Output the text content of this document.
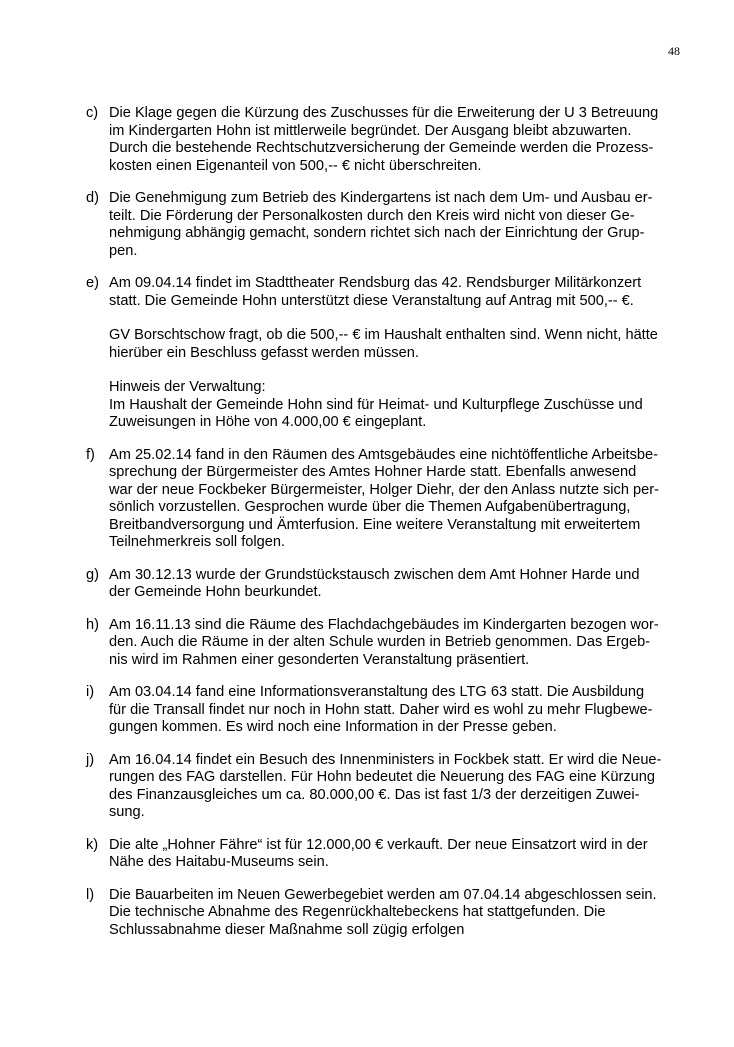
48
c) Die Klage gegen die Kürzung des Zuschusses für die Erweiterung der U 3 Betreuung
im Kindergarten Hohn ist mittlerweile begründet. Der Ausgang bleibt abzuwarten.
Durch die bestehende Rechtschutzversicherung der Gemeinde werden die Prozess-
kosten einen Eigenanteil von 500,-- € nicht überschreiten.
d) Die Genehmigung zum Betrieb des Kindergartens ist nach dem Um- und Ausbau er-
teilt. Die Förderung der Personalkosten durch den Kreis wird nicht von dieser Ge-
nehmigung abhängig gemacht, sondern richtet sich nach der Einrichtung der Grup-
pen.
e) Am 09.04.14 findet im Stadttheater Rendsburg das 42. Rendsburger Militärkonzert
statt. Die Gemeinde Hohn unterstützt diese Veranstaltung auf Antrag mit 500,-- €.
GV Borschtschow fragt, ob die 500,-- € im Haushalt enthalten sind. Wenn nicht, hätte
hierüber ein Beschluss gefasst werden müssen.
Hinweis der Verwaltung:
Im Haushalt der Gemeinde Hohn sind für Heimat- und Kulturpflege Zuschüsse und
Zuweisungen in Höhe von 4.000,00 € eingeplant.
f) Am 25.02.14 fand in den Räumen des Amtsgebäudes eine nichtöffentliche Arbeitsbe-
sprechung der Bürgermeister des Amtes Hohner Harde statt. Ebenfalls anwesend
war der neue Fockbeker Bürgermeister, Holger Diehr, der den Anlass nutzte sich per-
sönlich vorzustellen. Gesprochen wurde über die Themen Aufgabenübertragung,
Breitbandversorgung und Ämterfusion. Eine weitere Veranstaltung mit erweitertem
Teilnehmerkreis soll folgen.
g) Am 30.12.13 wurde der Grundstückstausch zwischen dem Amt Hohner Harde und
der Gemeinde Hohn beurkundet.
h) Am 16.11.13 sind die Räume des Flachdachgebäudes im Kindergarten bezogen wor-
den. Auch die Räume in der alten Schule wurden in Betrieb genommen. Das Ergeb-
nis wird im Rahmen einer gesonderten Veranstaltung präsentiert.
i) Am 03.04.14 fand eine Informationsveranstaltung des LTG 63 statt. Die Ausbildung
für die Transall findet nur noch in Hohn statt. Daher wird es wohl zu mehr Flugbewe-
gungen kommen. Es wird noch eine Information in der Presse geben.
j) Am 16.04.14 findet ein Besuch des Innenministers in Fockbek statt. Er wird die Neue-
rungen des FAG darstellen. Für Hohn bedeutet die Neuerung des FAG eine Kürzung
des Finanzausgleiches um ca. 80.000,00 €. Das ist fast 1/3 der derzeitigen Zuwei-
sung.
k) Die alte „Hohner Fähre“ ist für 12.000,00 € verkauft. Der neue Einsatzort wird in der
Nähe des Haitabu-Museums sein.
l) Die Bauarbeiten im Neuen Gewerbegebiet werden am 07.04.14 abgeschlossen sein.
Die technische Abnahme des Regenrückhaltebeckens hat stattgefunden. Die
Schlussabnahme dieser Maßnahme soll zügig erfolgen
